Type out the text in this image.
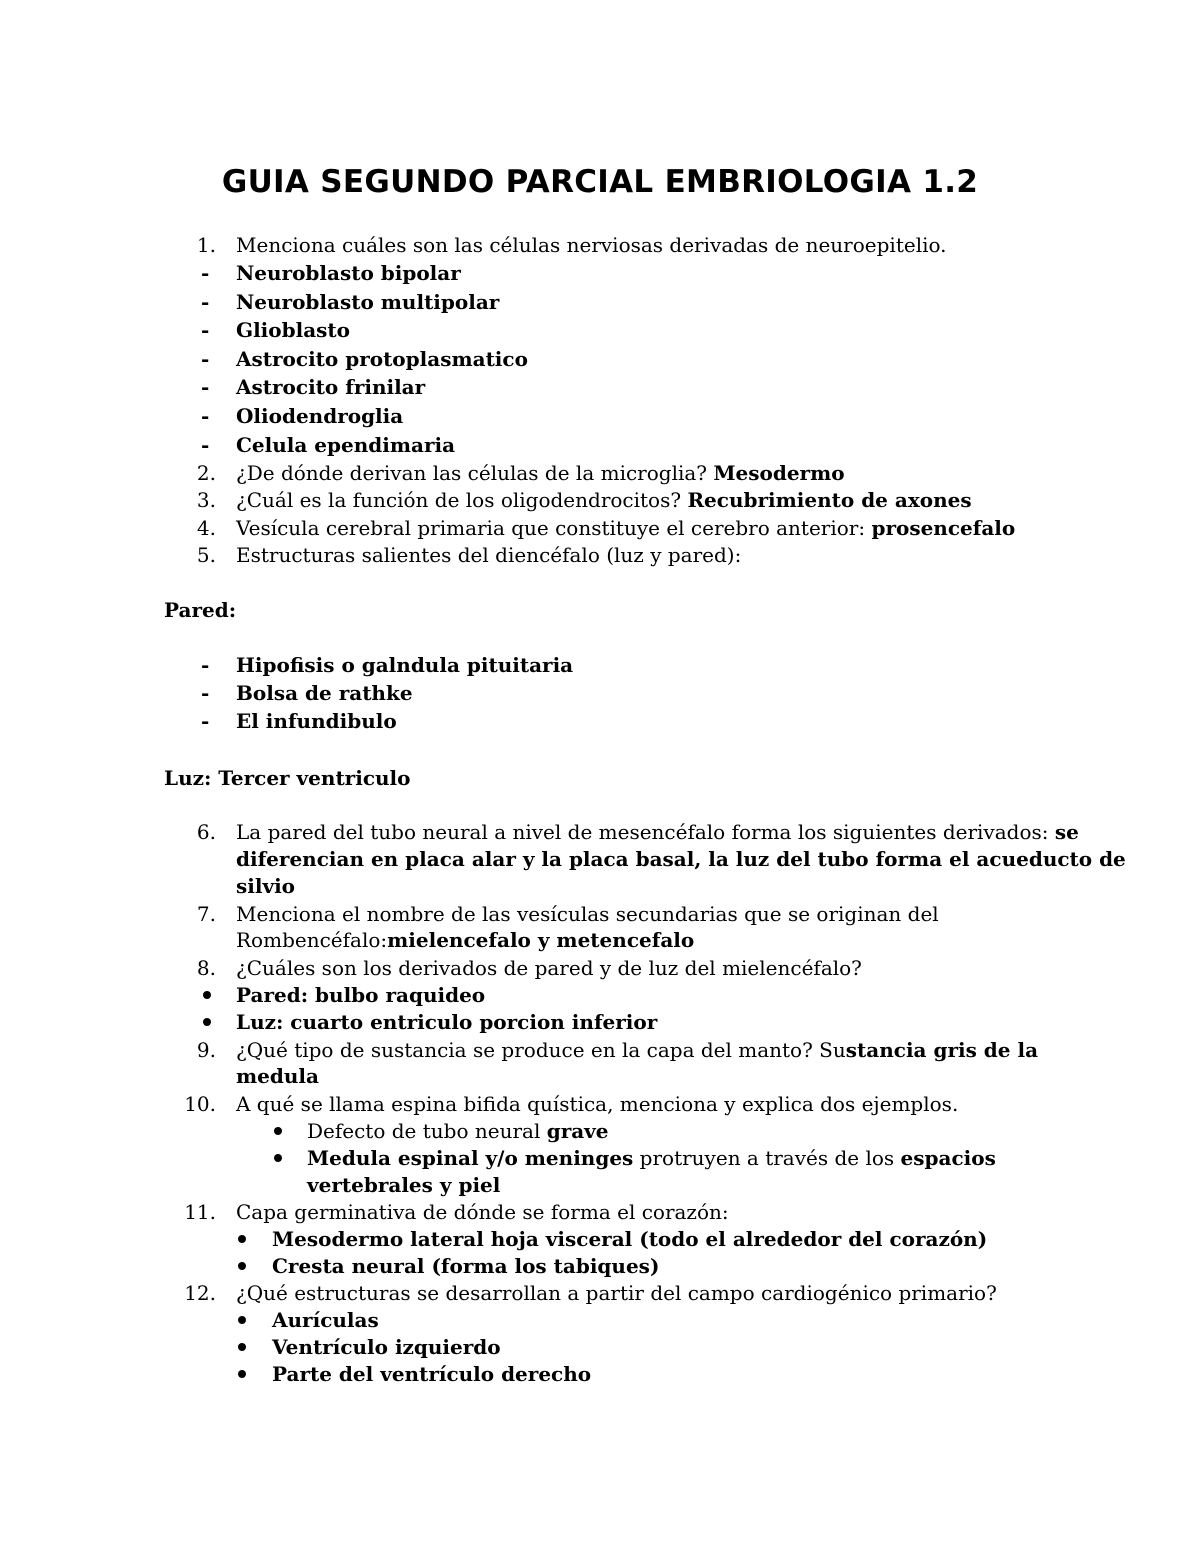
GUIA SEGUNDO PARCIAL EMBRIOLOGIA 1.2
1. Menciona cuáles son las células nerviosas derivadas de neuroepitelio.
- Neuroblasto bipolar
- Neuroblasto multipolar
- Glioblasto
- Astrocito protoplasmatico
- Astrocito frinilar
- Oliodendroglia
- Celula ependimaria
2. ¿De dónde derivan las células de la microglia? Mesodermo
3. ¿Cuál es la función de los oligodendrocitos? Recubrimiento de axones
4. Vesícula cerebral primaria que constituye el cerebro anterior: prosencefalo
5. Estructuras salientes del diencéfalo (luz y pared):
Pared:
- Hipofisis o galndula pituitaria
- Bolsa de rathke
- El infundibulo
Luz: Tercer ventriculo
6. La pared del tubo neural a nivel de mesencéfalo forma los siguientes derivados: se
diferencian en placa alar y la placa basal, la luz del tubo forma el acueducto de
silvio
7. Menciona el nombre de las vesículas secundarias que se originan del
Rombencéfalo:mielencefalo y metencefalo
8. ¿Cuáles son los derivados de pared y de luz del mielencéfalo?
Pared: bulbo raquideo
Luz: cuarto entriculo porcion inferior
9. ¿Qué tipo de sustancia se produce en la capa del manto? Sustancia gris de la
medula
10. A qué se llama espina bifida quística, menciona y explica dos ejemplos.
Defecto de tubo neural grave
Medula espinal y/o meninges protruyen a través de los espacios
vertebrales y piel
11. Capa germinativa de dónde se forma el corazón:
Mesodermo lateral hoja visceral (todo el alrededor del corazón)
Cresta neural (forma los tabiques)
12. ¿Qué estructuras se desarrollan a partir del campo cardiogénico primario?
Aurículas
Ventrículo izquierdo
Parte del ventrículo derecho
